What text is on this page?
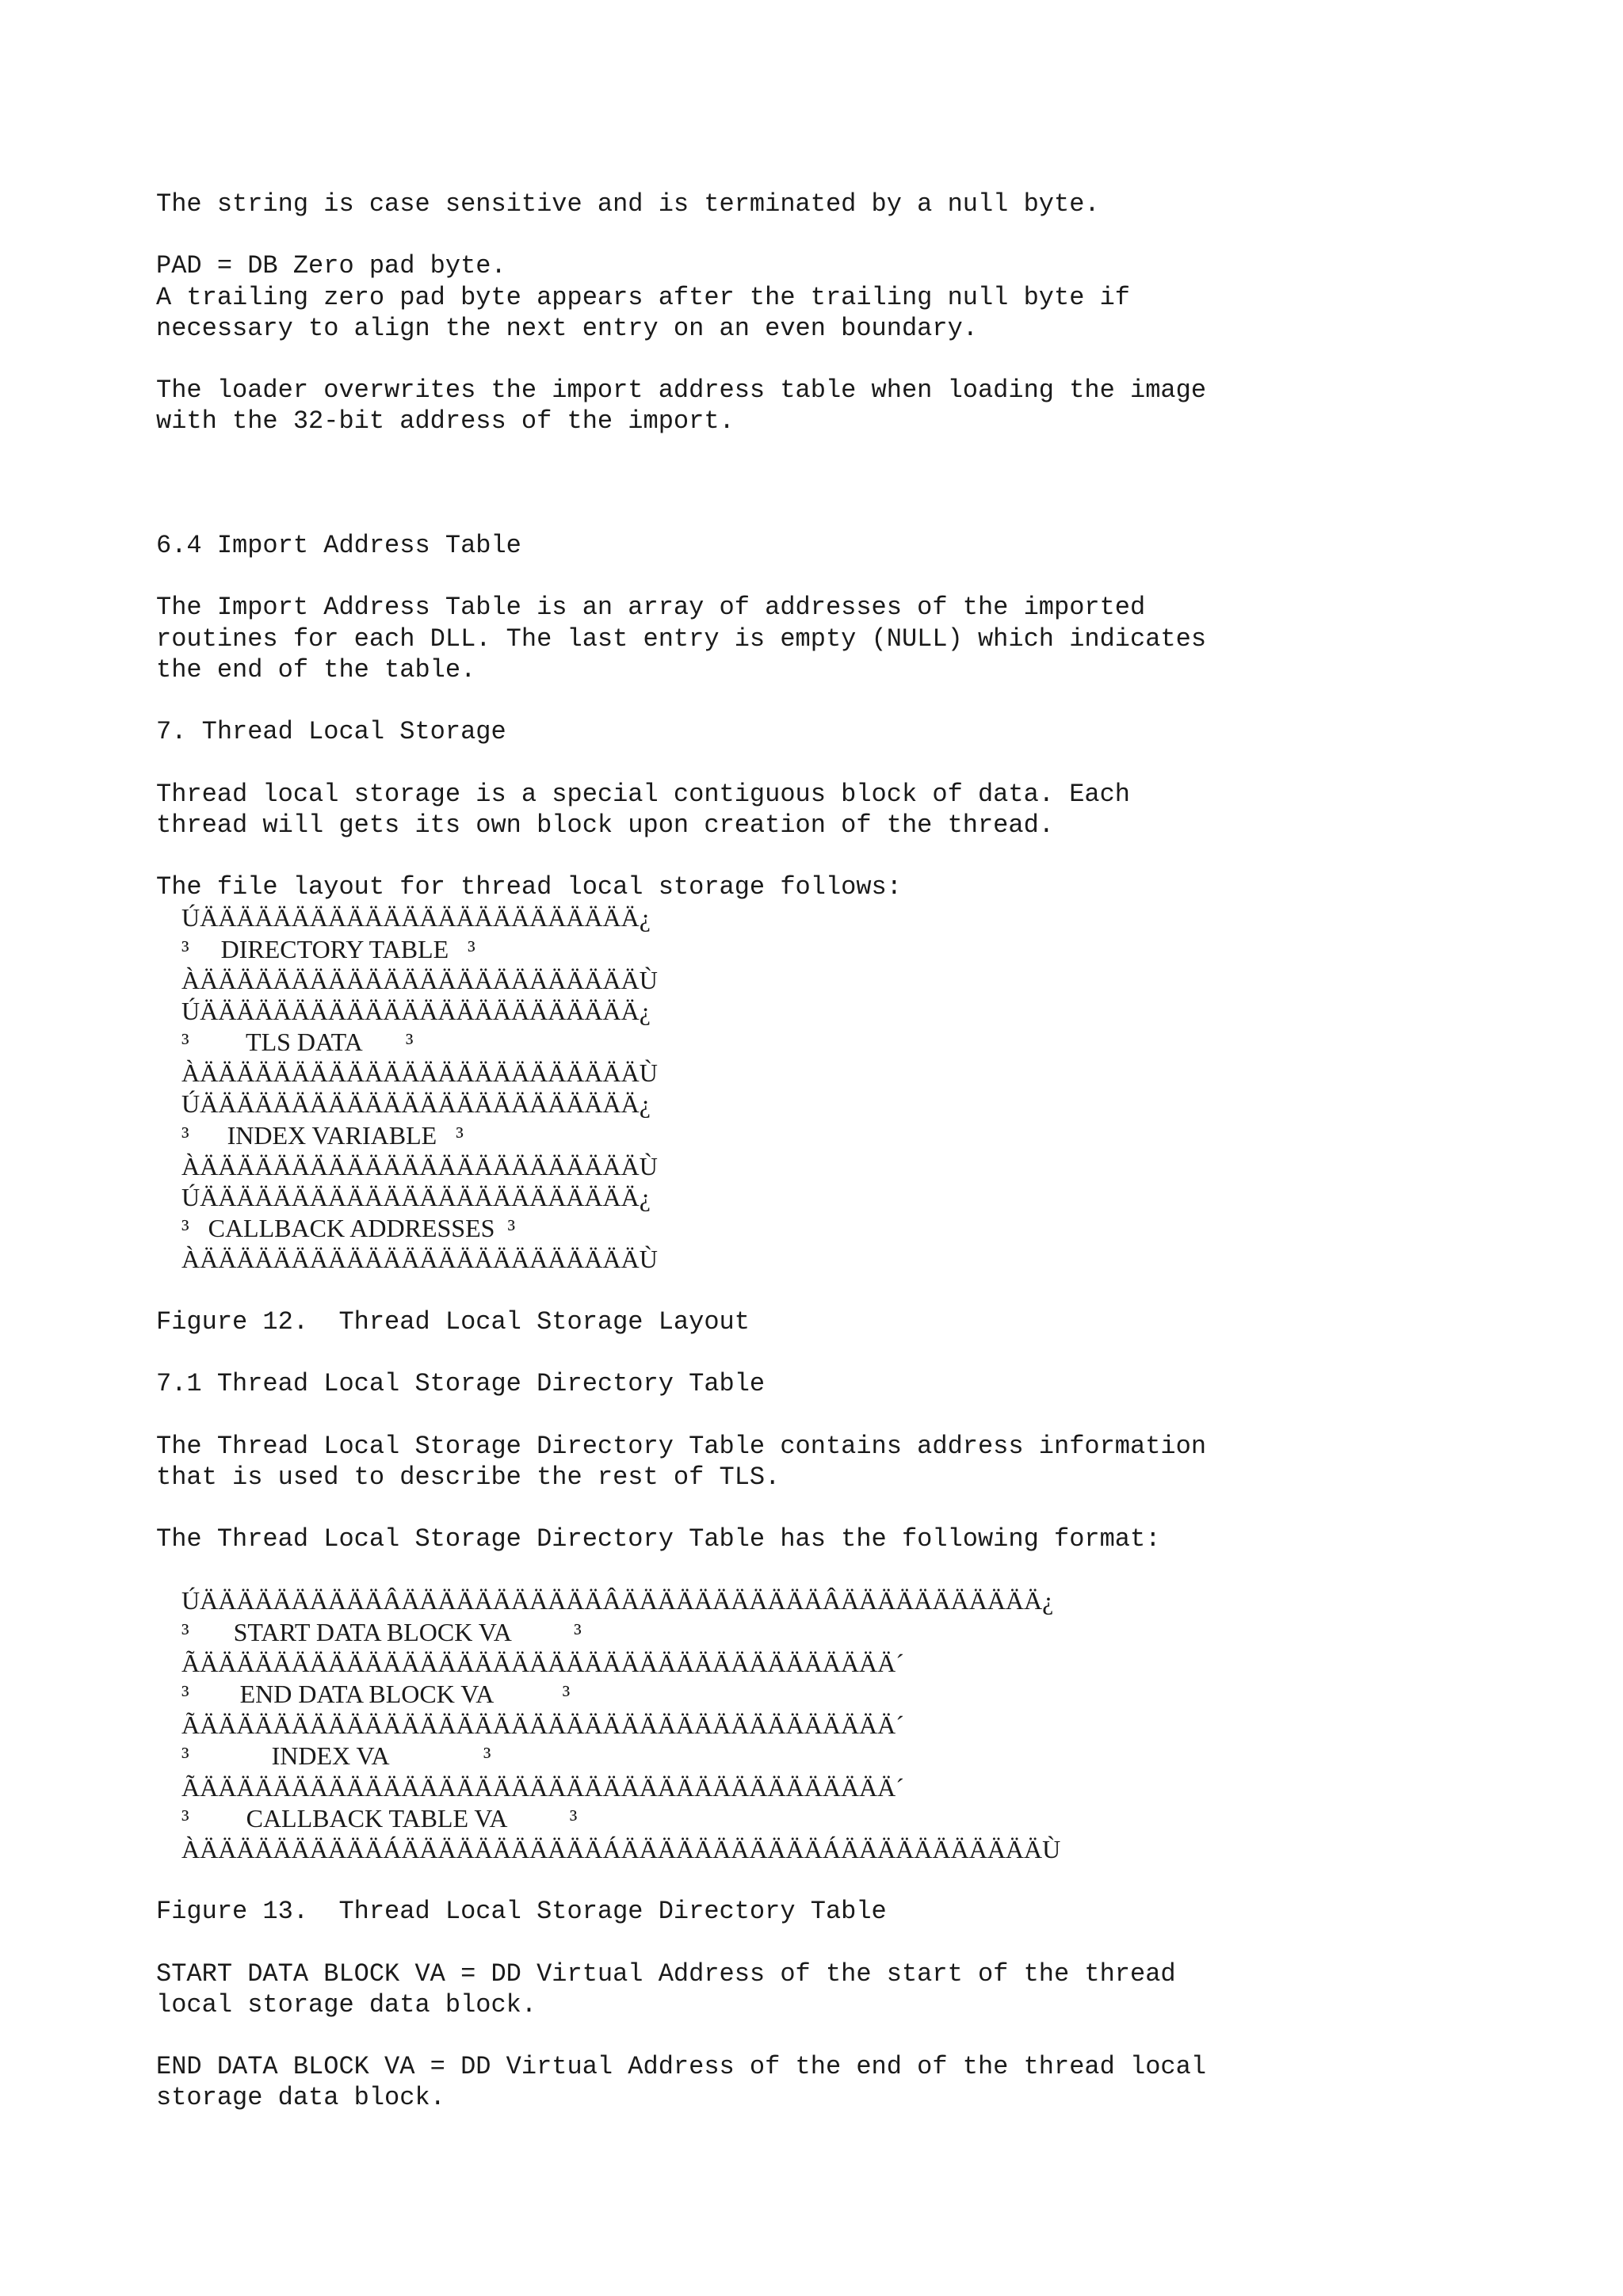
The string is case sensitive and is terminated by a null byte.
PAD = DB Zero pad byte.
A trailing zero pad byte appears after the trailing null byte if
necessary to align the next entry on an even boundary.
The loader overwrites the import address table when loading the image
with the 32-bit address of the import.
6.4 Import Address Table
The Import Address Table is an array of addresses of the imported
routines for each DLL. The last entry is empty (NULL) which indicates
the end of the table.
7. Thread Local Storage
Thread local storage is a special contiguous block of data. Each
thread will gets its own block upon creation of the thread.
The file layout for thread local storage follows:
ÚÄÄÄÄÄÄÄÄÄÄÄÄÄÄÄÄÄÄÄÄÄÄÄÄ¿
³     DIRECTORY TABLE   ³
ÀÄÄÄÄÄÄÄÄÄÄÄÄÄÄÄÄÄÄÄÄÄÄÄÄÙ
ÚÄÄÄÄÄÄÄÄÄÄÄÄÄÄÄÄÄÄÄÄÄÄÄÄ¿
³         TLS DATA       ³
ÀÄÄÄÄÄÄÄÄÄÄÄÄÄÄÄÄÄÄÄÄÄÄÄÄÙ
ÚÄÄÄÄÄÄÄÄÄÄÄÄÄÄÄÄÄÄÄÄÄÄÄÄ¿
³      INDEX VARIABLE   ³
ÀÄÄÄÄÄÄÄÄÄÄÄÄÄÄÄÄÄÄÄÄÄÄÄÄÙ
ÚÄÄÄÄÄÄÄÄÄÄÄÄÄÄÄÄÄÄÄÄÄÄÄÄ¿
³   CALLBACK ADDRESSES  ³
ÀÄÄÄÄÄÄÄÄÄÄÄÄÄÄÄÄÄÄÄÄÄÄÄÄÙ
Figure 12.  Thread Local Storage Layout
7.1 Thread Local Storage Directory Table
The Thread Local Storage Directory Table contains address information
that is used to describe the rest of TLS.
The Thread Local Storage Directory Table has the following format:
ÚÄÄÄÄÄÄÄÄÄÄÂÄÄÄÄÄÄÄÄÄÄÄÂÄÄÄÄÄÄÄÄÄÄÄÂÄÄÄÄÄÄÄÄÄÄÄ¿
³       START DATA BLOCK VA          ³
ÃÄÄÄÄÄÄÄÄÄÄÄÄÄÄÄÄÄÄÄÄÄÄÄÄÄÄÄÄÄÄÄÄÄÄÄÄÄÄ´
³        END DATA BLOCK VA           ³
ÃÄÄÄÄÄÄÄÄÄÄÄÄÄÄÄÄÄÄÄÄÄÄÄÄÄÄÄÄÄÄÄÄÄÄÄÄÄÄ´
³             INDEX VA               ³
ÃÄÄÄÄÄÄÄÄÄÄÄÄÄÄÄÄÄÄÄÄÄÄÄÄÄÄÄÄÄÄÄÄÄÄÄÄÄÄ´
³         CALLBACK TABLE VA          ³
ÀÄÄÄÄÄÄÄÄÄÄÁÄÄÄÄÄÄÄÄÄÄÄÁÄÄÄÄÄÄÄÄÄÄÄÁÄÄÄÄÄÄÄÄÄÄÄÙ
Figure 13.  Thread Local Storage Directory Table
START DATA BLOCK VA = DD Virtual Address of the start of the thread
local storage data block.
END DATA BLOCK VA = DD Virtual Address of the end of the thread local
storage data block.
